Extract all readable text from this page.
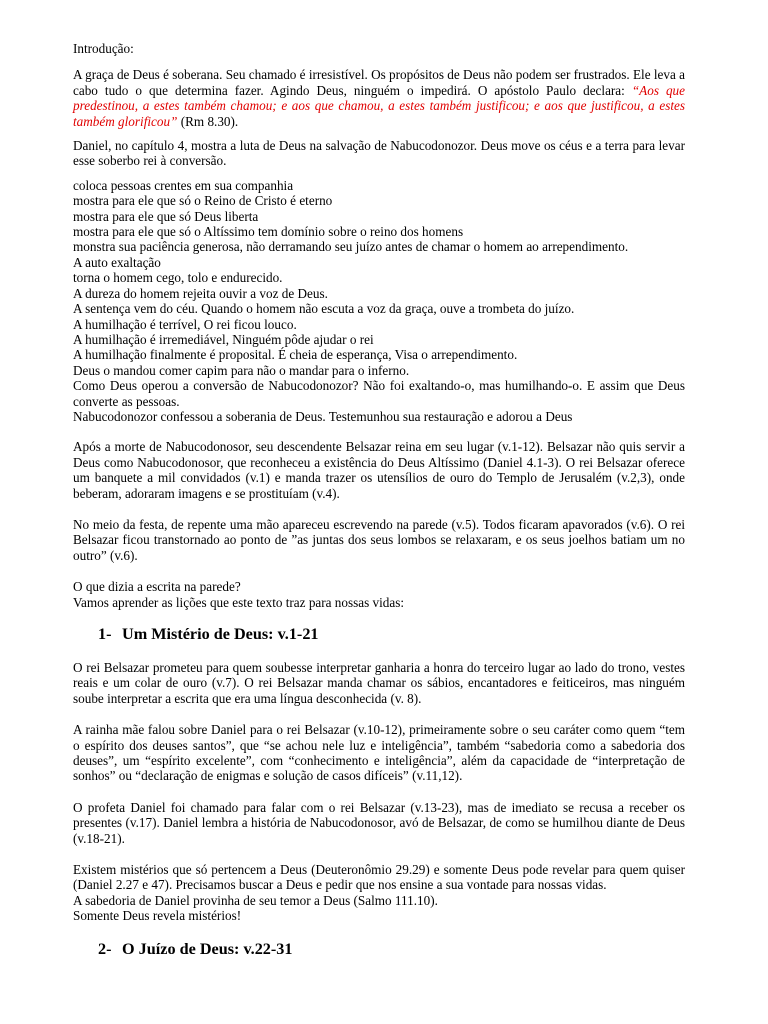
Introdução:

A graça de Deus é soberana. Seu chamado é irresistível. Os propósitos de Deus não podem ser frustrados. Ele leva a cabo tudo o que determina fazer. Agindo Deus, ninguém o impedirá. O apóstolo Paulo declara: “Aos que predestinou, a estes também chamou; e aos que chamou, a estes também justificou; e aos que justificou, a estes também glorificou” (Rm 8.30).

Daniel, no capítulo 4, mostra a luta de Deus na salvação de Nabucodonozor. Deus move os céus e a terra para levar esse soberbo rei à conversão.

coloca pessoas crentes em sua companhia
mostra para ele que só o Reino de Cristo é eterno
mostra para ele que só Deus liberta
mostra para ele que só o Altíssimo tem domínio sobre o reino dos homens
monstra sua paciência generosa, não derramando seu juízo antes de chamar o homem ao arrependimento.
A auto exaltação
torna o homem cego, tolo e endurecido.
A dureza do homem rejeita ouvir a voz de Deus.
A sentença vem do céu. Quando o homem não escuta a voz da graça, ouve a trombeta do juízo.
A humilhação é terrível, O rei ficou louco.
A humilhação é irremediável, Ninguém pôde ajudar o rei
A humilhação finalmente é proposital. É cheia de esperança, Visa o arrependimento.
Deus o mandou comer capim para não o mandar para o inferno.

Como Deus operou a conversão de Nabucodonozor? Não foi exaltando-o, mas humilhando-o. E assim que Deus converte as pessoas.

Nabucodonozor confessou a soberania de Deus. Testemunhou sua restauração e adorou a Deus

Após a morte de Nabucodonosor, seu descendente Belsazar reina em seu lugar (v.1-12). Belsazar não quis servir a Deus como Nabucodonosor, que reconheceu a existência do Deus Altíssimo (Daniel 4.1-3). O rei Belsazar oferece um banquete a mil convidados (v.1) e manda trazer os utensílios de ouro do Templo de Jerusalém (v.2,3), onde beberam, adoraram imagens e se prostituíam (v.4).

No meio da festa, de repente uma mão apareceu escrevendo na parede (v.5). Todos ficaram apavorados (v.6). O rei Belsazar ficou transtornado ao ponto de ”as juntas dos seus lombos se relaxaram, e os seus joelhos batiam um no outro” (v.6).

O que dizia a escrita na parede?
Vamos aprender as lições que este texto traz para nossas vidas:
1- Um Mistério de Deus: v.1-21

O rei Belsazar prometeu para quem soubesse interpretar ganharia a honra do terceiro lugar ao lado do trono, vestes reais e um colar de ouro (v.7). O rei Belsazar manda chamar os sábios, encantadores e feiticeiros, mas ninguém soube interpretar a escrita que era uma língua desconhecida (v. 8).

A rainha mãe falou sobre Daniel para o rei Belsazar (v.10-12), primeiramente sobre o seu caráter como quem “tem o espírito dos deuses santos”, que “se achou nele luz e inteligência”, também “sabedoria como a sabedoria dos deuses”, um “espírito excelente”, com “conhecimento e inteligência”, além da capacidade de “interpretação de sonhos” ou “declaração de enigmas e solução de casos difíceis” (v.11,12).

O profeta Daniel foi chamado para falar com o rei Belsazar (v.13-23), mas de imediato se recusa a receber os presentes (v.17). Daniel lembra a história de Nabucodonosor, avó de Belsazar, de como se humilhou diante de Deus (v.18-21).

Existem mistérios que só pertencem a Deus (Deuteronômio 29.29) e somente Deus pode revelar para quem quiser (Daniel 2.27 e 47). Precisamos buscar a Deus e pedir que nos ensine a sua vontade para nossas vidas.

A sabedoria de Daniel provinha de seu temor a Deus (Salmo 111.10).
Somente Deus revela mistérios!
2- O Juízo de Deus: v.22-31
